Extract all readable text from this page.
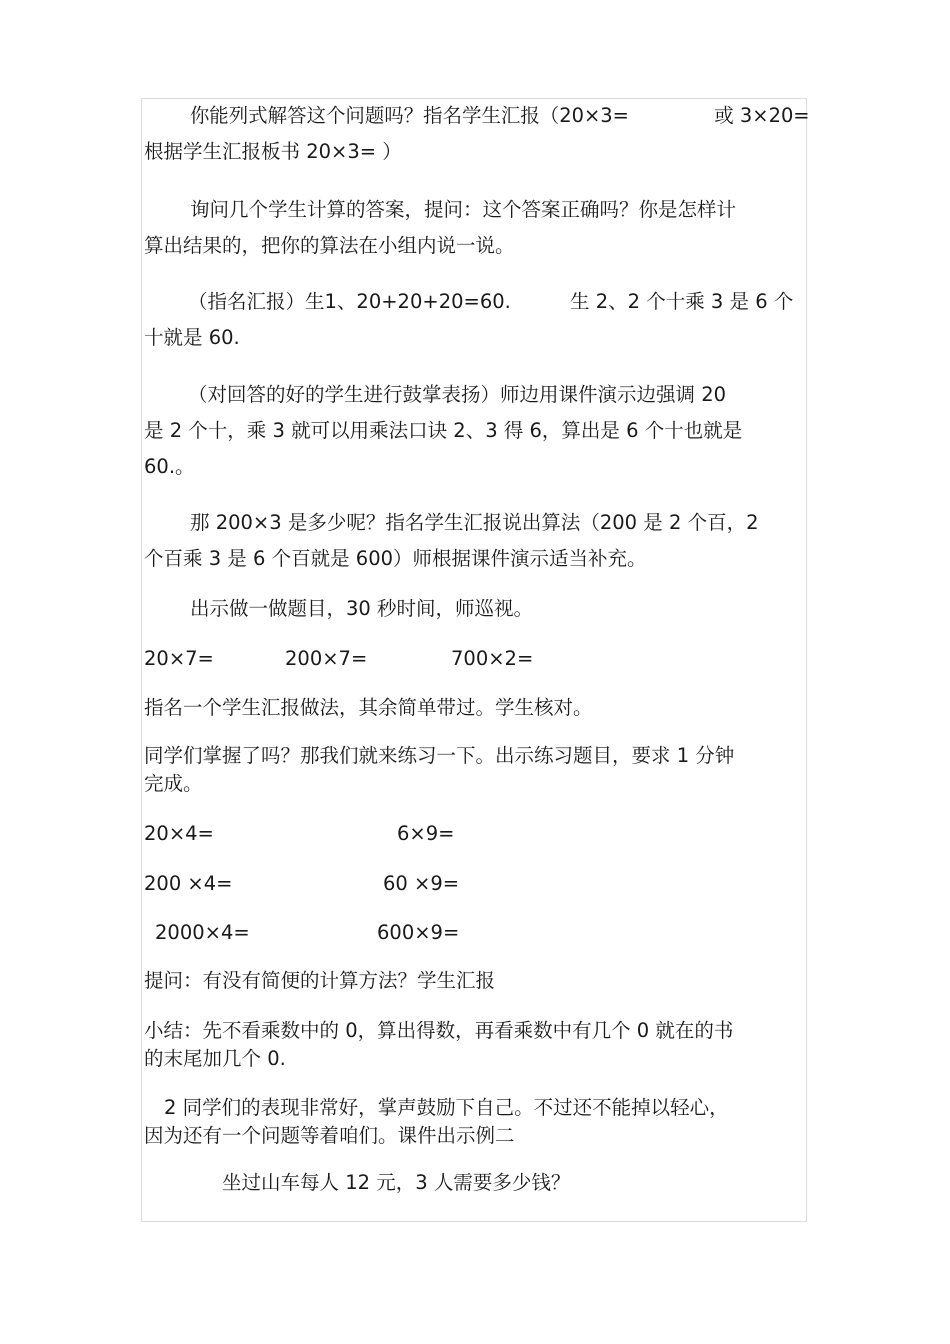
你能列式解答这个问题吗？指名学生汇报（20×3=	或 3×20=
根据学生汇报板书 20×3= ）
询问几个学生计算的答案，提问：这个答案正确吗？你是怎样计
算出结果的，把你的算法在小组内说一说。
（指名汇报）生1、20+20+20=60.	生 2、2 个十乘 3 是 6 个
十就是 60.
（对回答的好的学生进行鼓掌表扬）师边用课件演示边强调 20
是 2 个十，乘 3 就可以用乘法口诀 2、3 得 6，算出是 6 个十也就是
60.。
那 200×3 是多少呢？指名学生汇报说出算法（200 是 2 个百，2
个百乘 3 是 6 个百就是 600）师根据课件演示适当补充。
出示做一做题目，30 秒时间，师巡视。
20×7=	200×7=	700×2=
指名一个学生汇报做法，其余简单带过。学生核对。
同学们掌握了吗？那我们就来练习一下。出示练习题目，要求 1 分钟
完成。
20×4=	6×9=
200 ×4=	60 ×9=
2000×4=	600×9=
提问：有没有简便的计算方法？学生汇报
小结：先不看乘数中的 0，算出得数，再看乘数中有几个 0 就在的书
的末尾加几个 0.
2 同学们的表现非常好，掌声鼓励下自己。不过还不能掉以轻心，
因为还有一个问题等着咱们。课件出示例二
坐过山车每人 12 元，3 人需要多少钱？
